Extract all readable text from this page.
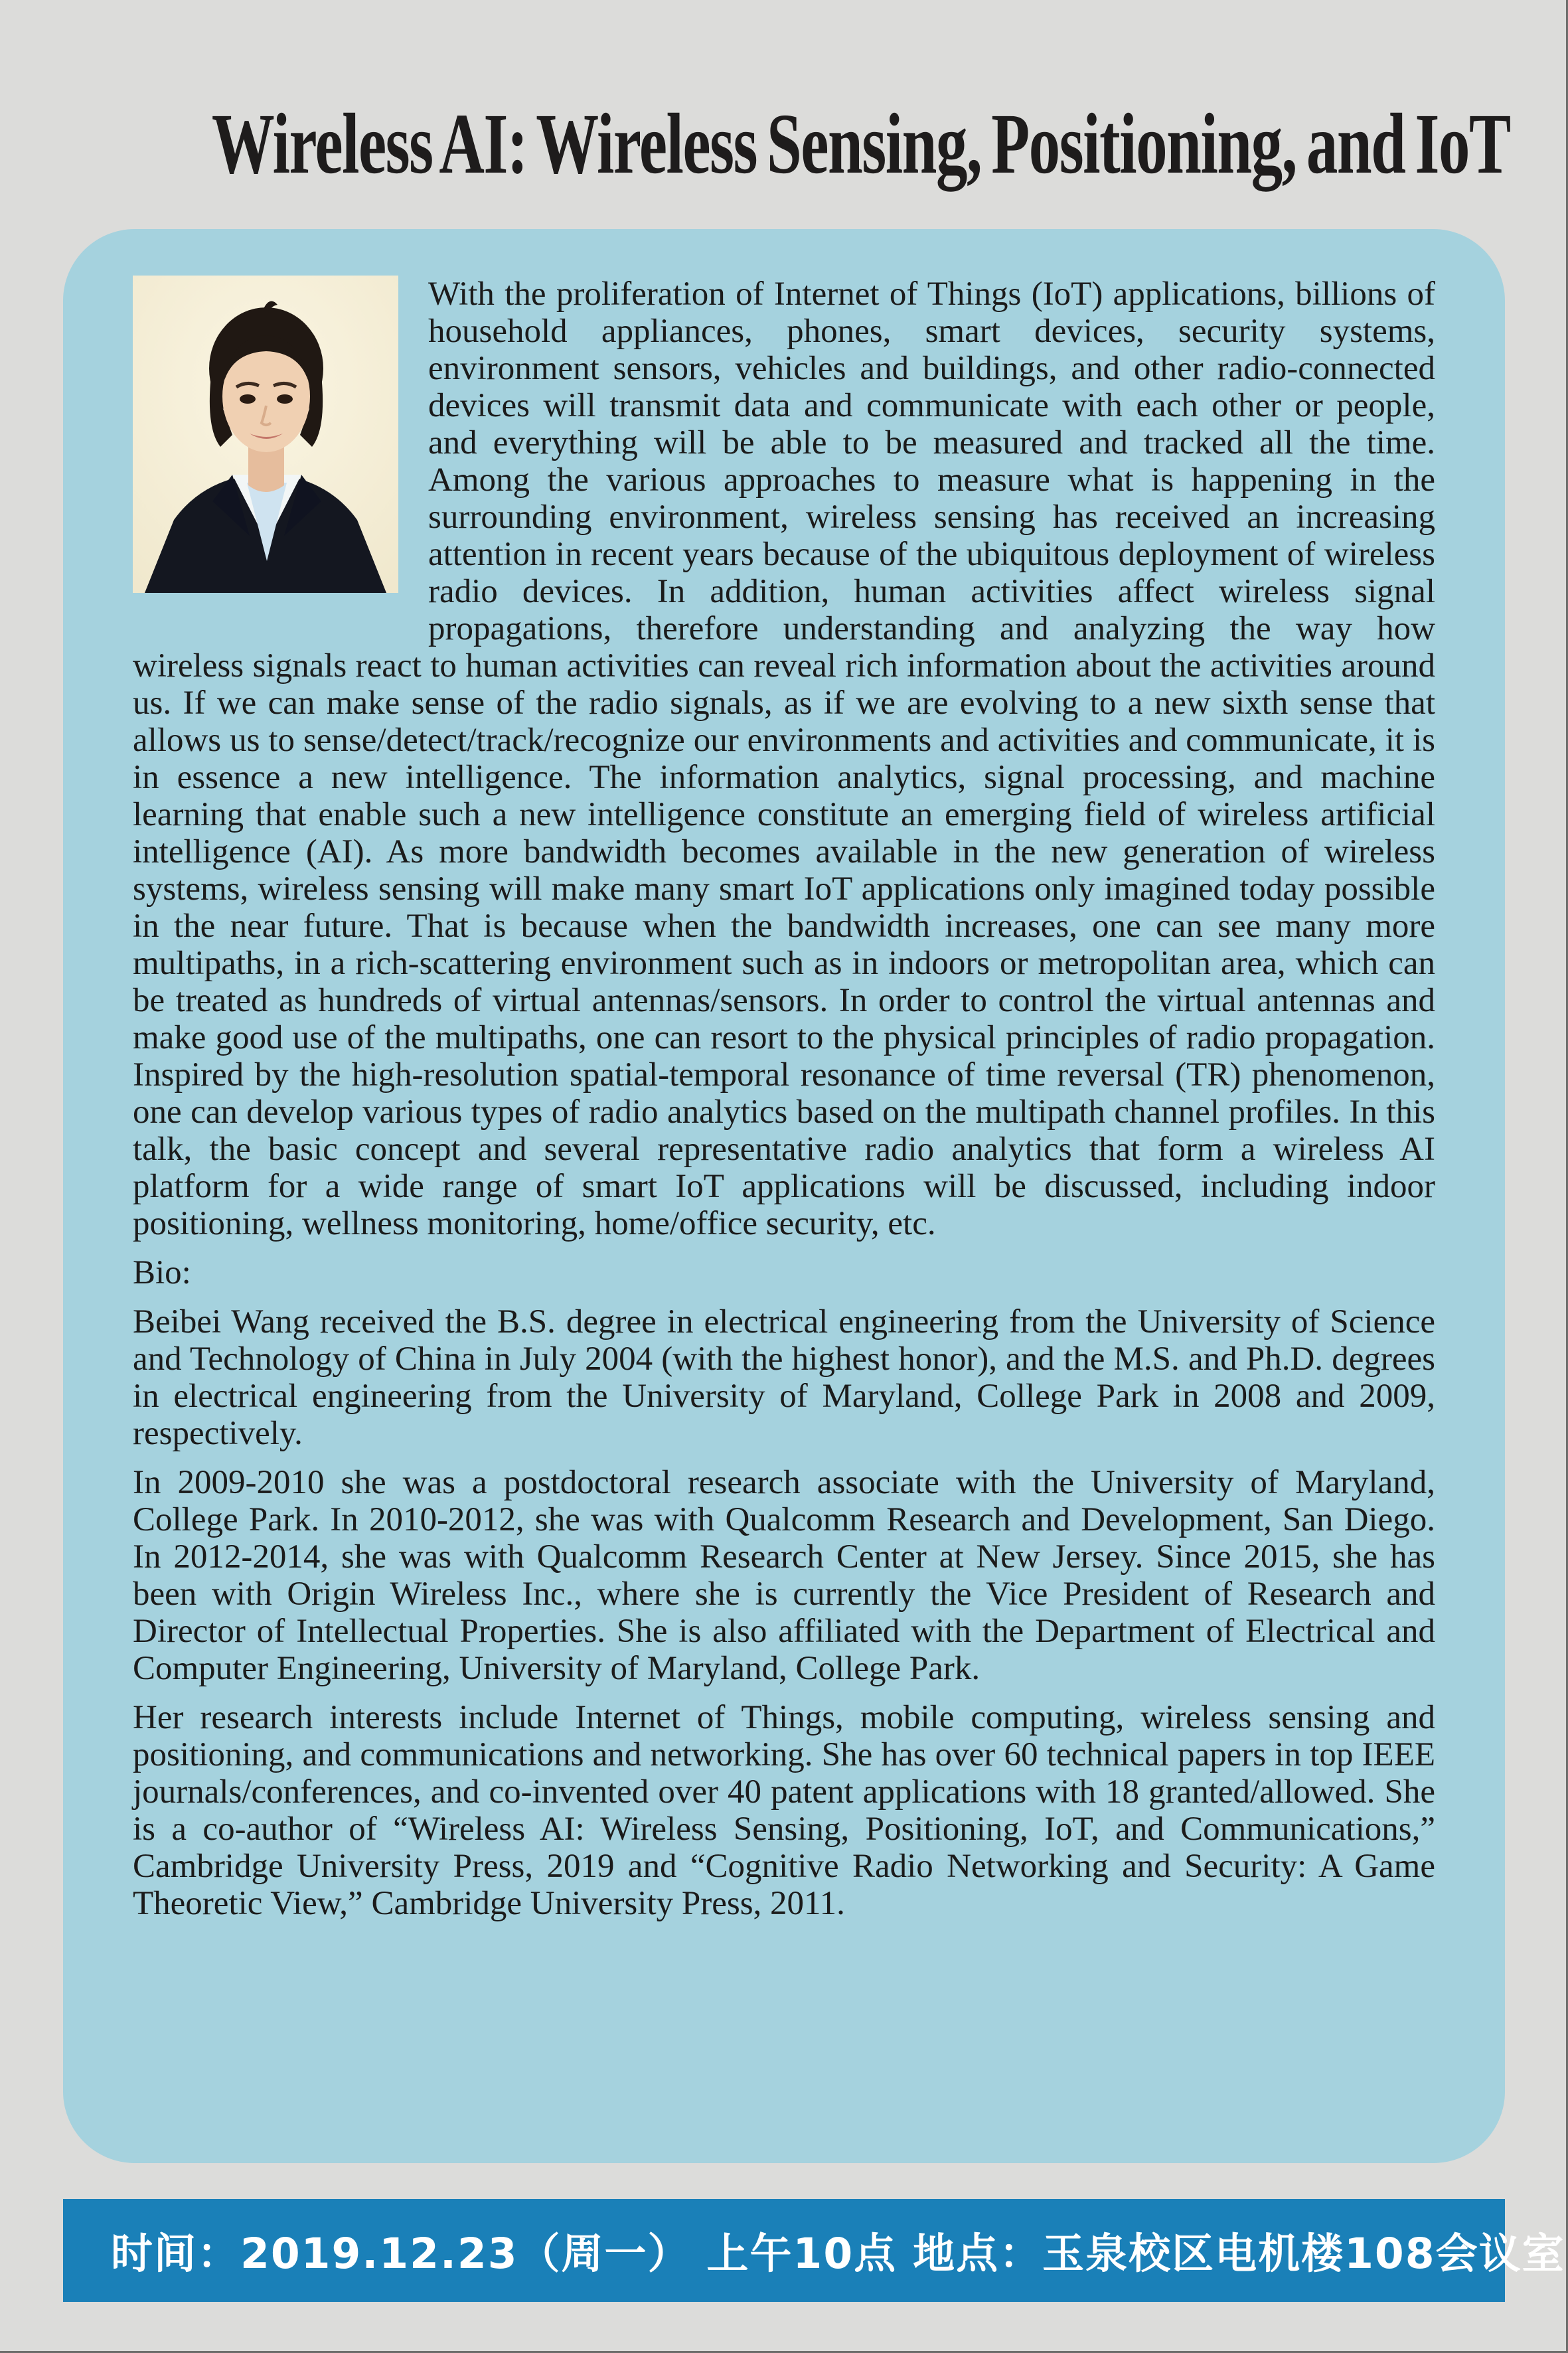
Wireless AI: Wireless Sensing, Positioning, and IoT

With the proliferation of Internet of Things (IoT) applications, billions of household appliances, phones, smart devices, security systems, environment sensors, vehicles and buildings, and other radio-connected devices will transmit data and communicate with each other or people, and everything will be able to be measured and tracked all the time. Among the various approaches to measure what is happening in the surrounding environment, wireless sensing has received an increasing attention in recent years because of the ubiquitous deployment of wireless radio devices. In addition, human activities affect wireless signal propagations, therefore understanding and analyzing the way how wireless signals react to human activities can reveal rich information about the activities around us. If we can make sense of the radio signals, as if we are evolving to a new sixth sense that allows us to sense/detect/track/recognize our environments and activities and communicate, it is in essence a new intelligence. The information analytics, signal processing, and machine learning that enable such a new intelligence constitute an emerging field of wireless artificial intelligence (AI). As more bandwidth becomes available in the new generation of wireless systems, wireless sensing will make many smart IoT applications only imagined today possible in the near future. That is because when the bandwidth increases, one can see many more multipaths, in a rich-scattering environment such as in indoors or metropolitan area, which can be treated as hundreds of virtual antennas/sensors. In order to control the virtual antennas and make good use of the multipaths, one can resort to the physical principles of radio propagation. Inspired by the high-resolution spatial-temporal resonance of time reversal (TR) phenomenon, one can develop various types of radio analytics based on the multipath channel profiles. In this talk, the basic concept and several representative radio analytics that form a wireless AI platform for a wide range of smart IoT applications will be discussed, including indoor positioning, wellness monitoring, home/office security, etc.

Bio:

Beibei Wang received the B.S. degree in electrical engineering from the University of Science and Technology of China in July 2004 (with the highest honor), and the M.S. and Ph.D. degrees in electrical engineering from the University of Maryland, College Park in 2008 and 2009, respectively.

In 2009-2010 she was a postdoctoral research associate with the University of Maryland, College Park. In 2010-2012, she was with Qualcomm Research and Development, San Diego. In 2012-2014, she was with Qualcomm Research Center at New Jersey. Since 2015, she has been with Origin Wireless Inc., where she is currently the Vice President of Research and Director of Intellectual Properties. She is also affiliated with the Department of Electrical and Computer Engineering, University of Maryland, College Park.

Her research interests include Internet of Things, mobile computing, wireless sensing and positioning, and communications and networking. She has over 60 technical papers in top IEEE journals/conferences, and co-invented over 40 patent applications with 18 granted/allowed. She is a co-author of “Wireless AI: Wireless Sensing, Positioning, IoT, and Communications,” Cambridge University Press, 2019 and “Cognitive Radio Networking and Security: A Game Theoretic View,” Cambridge University Press, 2011.

时间：2019.12.23（周一） 上午10点 地点：玉泉校区电机楼108会议室
